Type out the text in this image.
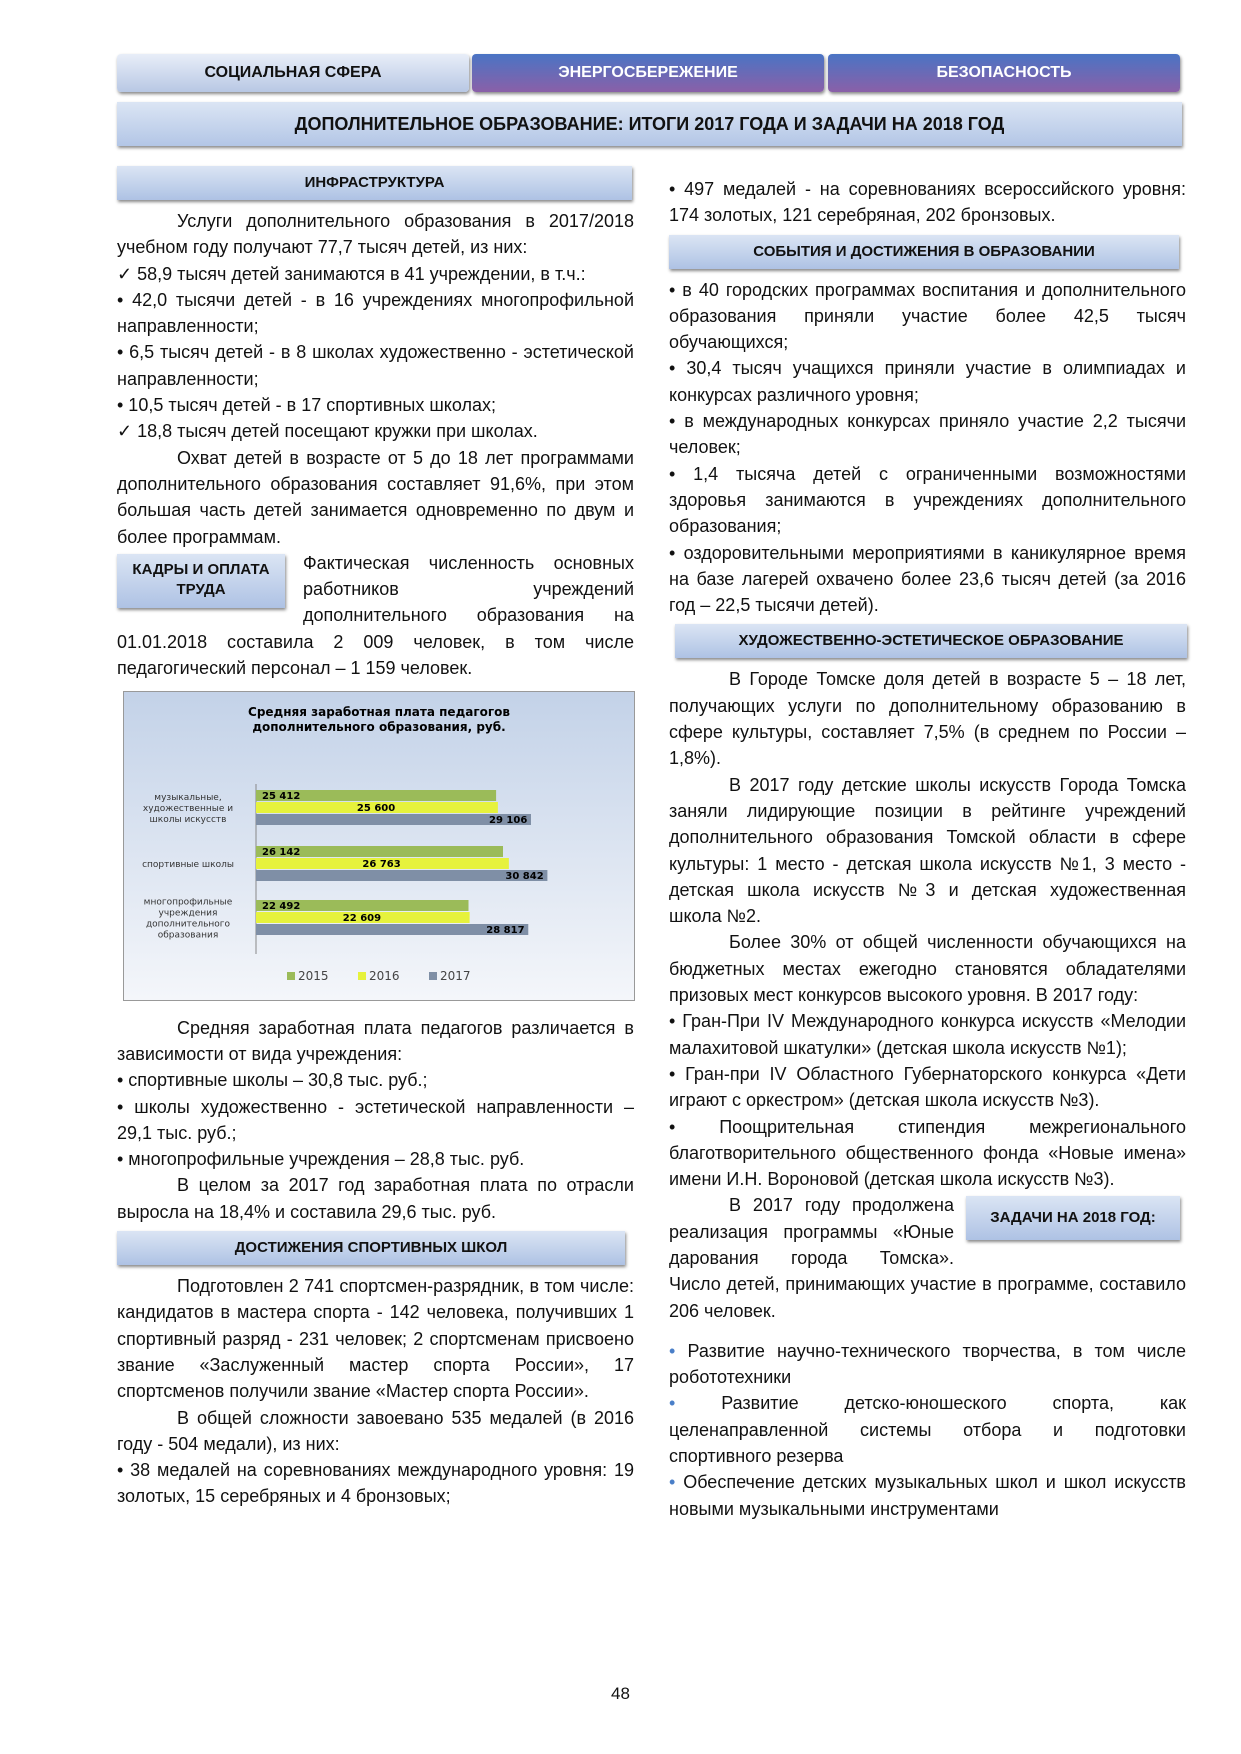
СОЦИАЛЬНАЯ СФЕРА	ЭНЕРГОСБЕРЕЖЕНИЕ	БЕЗОПАСНОСТЬ
ДОПОЛНИТЕЛЬНОЕ ОБРАЗОВАНИЕ: ИТОГИ 2017 ГОДА И ЗАДАЧИ НА 2018 ГОД
ИНФРАСТРУКТУРА

Услуги дополнительного образования в 2017/2018 учебном году получают 77,7 тысяч детей, из них:

✓ 58,9 тысяч детей занимаются в 41 учреждении, в т.ч.:

• 42,0 тысячи детей - в 16 учреждениях многопрофильной направленности;

• 6,5 тысяч детей - в 8 школах художественно - эстетической направленности;

• 10,5 тысяч детей - в 17 спортивных школах;

✓ 18,8 тысяч детей посещают кружки при школах.

Охват детей в возрасте от 5 до 18 лет программами дополнительного образования составляет 91,6%, при этом большая часть детей занимается одновременно по двум и более программам.

КАДРЫ И ОПЛАТА ТРУДА

Фактическая численность основных работников учреждений дополнительного образования на 01.01.2018 составила 2 009 человек, в том числе педагогический персонал – 1 159 человек.

Средняя заработная плата педагогов
дополнительного образования, руб.
музыкальные,
художественные и
школы искусств
25 412
25 600
29 106
спортивные школы
26 142
26 763
30 842
многопрофильные
учреждения
дополнительного
образования
22 492
22 609
28 817
2015	2016	2017

Средняя заработная плата педагогов различается в зависимости от вида учреждения:

• спортивные школы – 30,8 тыс. руб.;

• школы художественно - эстетической направленности – 29,1 тыс. руб.;

• многопрофильные учреждения – 28,8 тыс. руб.

В целом за 2017 год заработная плата по отрасли выросла на 18,4% и составила 29,6 тыс. руб.

ДОСТИЖЕНИЯ СПОРТИВНЫХ ШКОЛ

Подготовлен 2 741 спортсмен-разрядник, в том числе: кандидатов в мастера спорта - 142 человека, получивших 1 спортивный разряд - 231 человек; 2 спортсменам присвоено звание «Заслуженный мастер спорта России», 17 спортсменов получили звание «Мастер спорта России».

В общей сложности завоевано 535 медалей (в 2016 году - 504 медали), из них:

• 38 медалей на соревнованиях международного уровня: 19 золотых, 15 серебряных и 4 бронзовых;

• 497 медалей - на соревнованиях всероссийского уровня: 174 золотых, 121 серебряная, 202 бронзовых.

СОБЫТИЯ И ДОСТИЖЕНИЯ В ОБРАЗОВАНИИ

• в 40 городских программах воспитания и дополнительного образования приняли участие более 42,5 тысяч обучающихся;

• 30,4 тысяч учащихся приняли участие в олимпиадах и конкурсах различного уровня;

• в международных конкурсах приняло участие 2,2 тысячи человек;

• 1,4 тысяча детей с ограниченными возможностями здоровья занимаются в учреждениях дополнительного образования;

• оздоровительными мероприятиями в каникулярное время на базе лагерей охвачено более 23,6 тысяч детей (за 2016 год – 22,5 тысячи детей).

ХУДОЖЕСТВЕННО-ЭСТЕТИЧЕСКОЕ ОБРАЗОВАНИЕ

В Городе Томске доля детей в возрасте 5 – 18 лет, получающих услуги по дополнительному образованию в сфере культуры, составляет 7,5% (в среднем по России – 1,8%).

В 2017 году детские школы искусств Города Томска заняли лидирующие позиции в рейтинге учреждений дополнительного образования Томской области в сфере культуры: 1 место - детская школа искусств №1, 3 место - детская школа искусств №3 и детская художественная школа №2.

Более 30% от общей численности обучающихся на бюджетных местах ежегодно становятся обладателями призовых мест конкурсов высокого уровня. В 2017 году:

• Гран-При IV Международного конкурса искусств «Мелодии малахитовой шкатулки» (детская школа искусств №1);

• Гран-при IV Областного Губернаторского конкурса «Дети играют с оркестром» (детская школа искусств №3).

• Поощрительная стипендия межрегионального благотворительного общественного фонда «Новые имена» имени И.Н. Вороновой (детская школа искусств №3).

ЗАДАЧИ НА 2018 ГОД:

В 2017 году продолжена реализация программы «Юные дарования города Томска». Число детей, принимающих участие в программе, составило 206 человек.

• Развитие научно-технического творчества, в том числе робототехники

• Развитие детско-юношеского спорта, как целенаправленной системы отбора и подготовки спортивного резерва

• Обеспечение детских музыкальных школ и школ искусств новыми музыкальными инструментами

48
